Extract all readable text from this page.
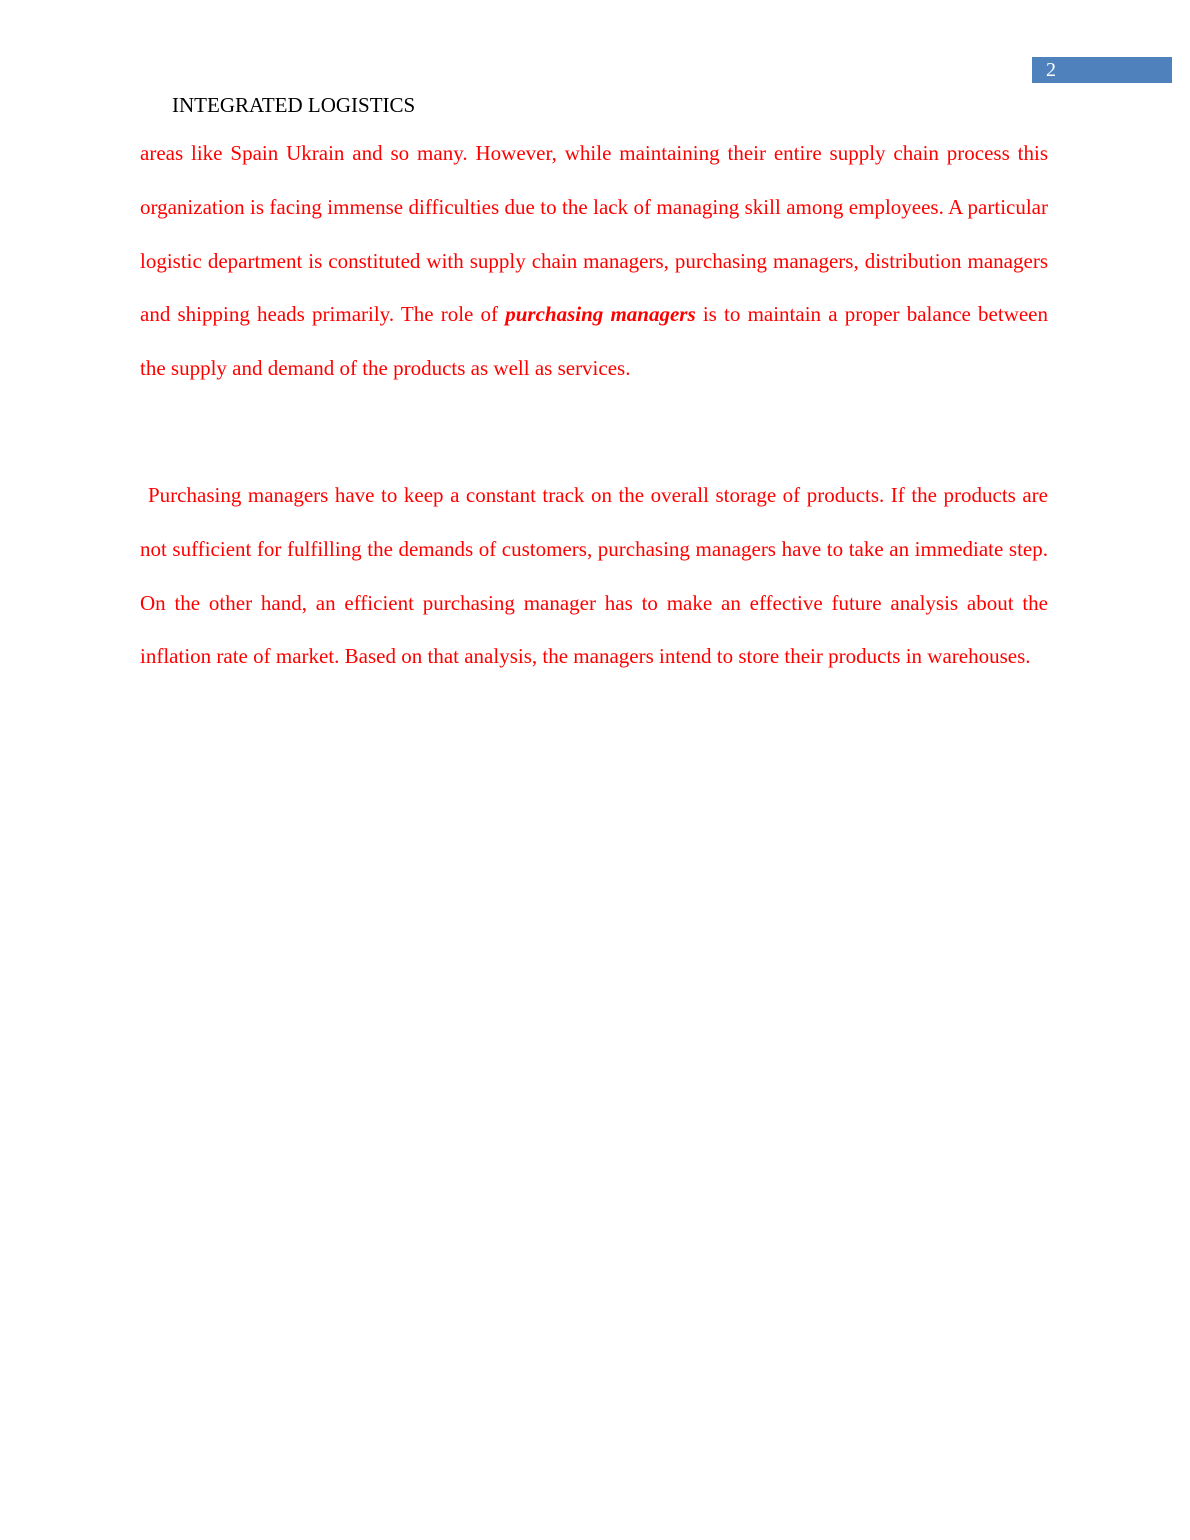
2
INTEGRATED LOGISTICS

areas like Spain Ukrain and so many. However, while maintaining their entire supply chain process this organization is facing immense difficulties due to the lack of managing skill among employees. A particular logistic department is constituted with supply chain managers, purchasing managers, distribution managers and shipping heads primarily. The role of purchasing managers is to maintain a proper balance between the supply and demand of the products as well as services.

Purchasing managers have to keep a constant track on the overall storage of products. If the products are not sufficient for fulfilling the demands of customers, purchasing managers have to take an immediate step. On the other hand, an efficient purchasing manager has to make an effective future analysis about the inflation rate of market. Based on that analysis, the managers intend to store their products in warehouses.
